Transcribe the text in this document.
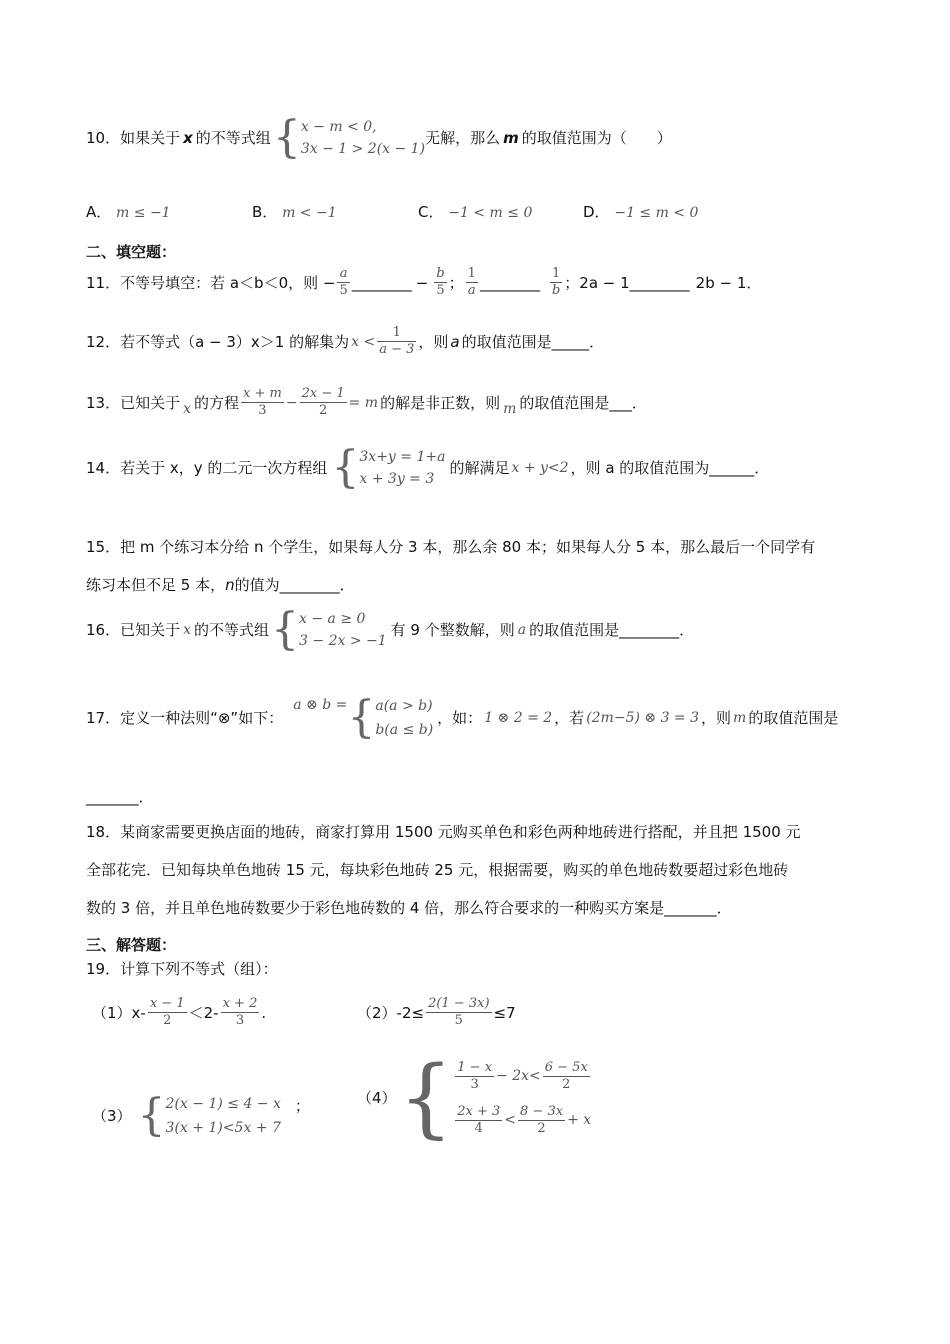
10． 如果关于 x 的不等式组 { x − m < 0,
3x − 1 > 2(x − 1)
无解，那么 m 的取值范围为（　　）
A． m ≤ −1	B． m < −1	C． −1 < m ≤ 0	D． −1 ≤ m < 0
二、填空题：
11． 不等号填空：若 a＜b＜0，则 − $\frac{a}{5}$ ________ − $\frac{b}{5}$ ； $\frac{1}{a}$ ________ $\frac{1}{b}$ ；2a − 1 ________ 2b − 1．
12． 若不等式（a − 3）x＞1 的解集为 $x < \frac{1}{a - 3}$ ，则 a 的取值范围是 _____ ．
13． 已知关于 x 的方程 $\frac{x + m}{3} - \frac{2x - 1}{2} = m$ 的解是非正数，则 m 的取值范围是 ___ ．
14． 若关于 x，y 的二元一次方程组 { 3x+y = 1+a
x + 3y = 3
的解满足 x + y<2 ，则 a 的取值范围为 ______ ．
15．把 m 个练习本分给 n 个学生，如果每人分 3 本，那么余 80 本；如果每人分 5 本，那么最后一个同学有
练习本但不足 5 本，n的值为________．
16． 已知关于 x 的不等式组 { x − a ≥ 0
3 − 2x > −1
有 9 个整数解，则 a 的取值范围是 ________ ．
17． 定义一种法则“⊗”如下：
a ⊗ b = { a(a > b)
b(a ≤ b)
，如： 1 ⊗ 2 = 2 ，若 (2m−5) ⊗ 3 = 3 ，则 m 的取值范围是
_______．
18．某商家需要更换店面的地砖，商家打算用 1500 元购买单色和彩色两种地砖进行搭配，并且把 1500 元
全部花完．已知每块单色地砖 15 元，每块彩色地砖 25 元，根据需要，购买的单色地砖数要超过彩色地砖
数的 3 倍，并且单色地砖数要少于彩色地砖数的 4 倍，那么符合要求的一种购买方案是_______．
三、解答题：
19．计算下列不等式（组）：
$(1)x- \frac{x - 1}{2} <2- \frac{x + 2}{3}$ .	$(2)-2\le \frac{2(1 - 3x)}{5} \le 7$
（3） { 2(x − 1) ≤ 4 − x
3(x + 1)<5x + 7
；	（4） { $\frac{1 - x}{3} - 2x< \frac{6 - 5x}{2}$
$\frac{2x + 3}{4} < \frac{8 - 3x}{2} + x$
